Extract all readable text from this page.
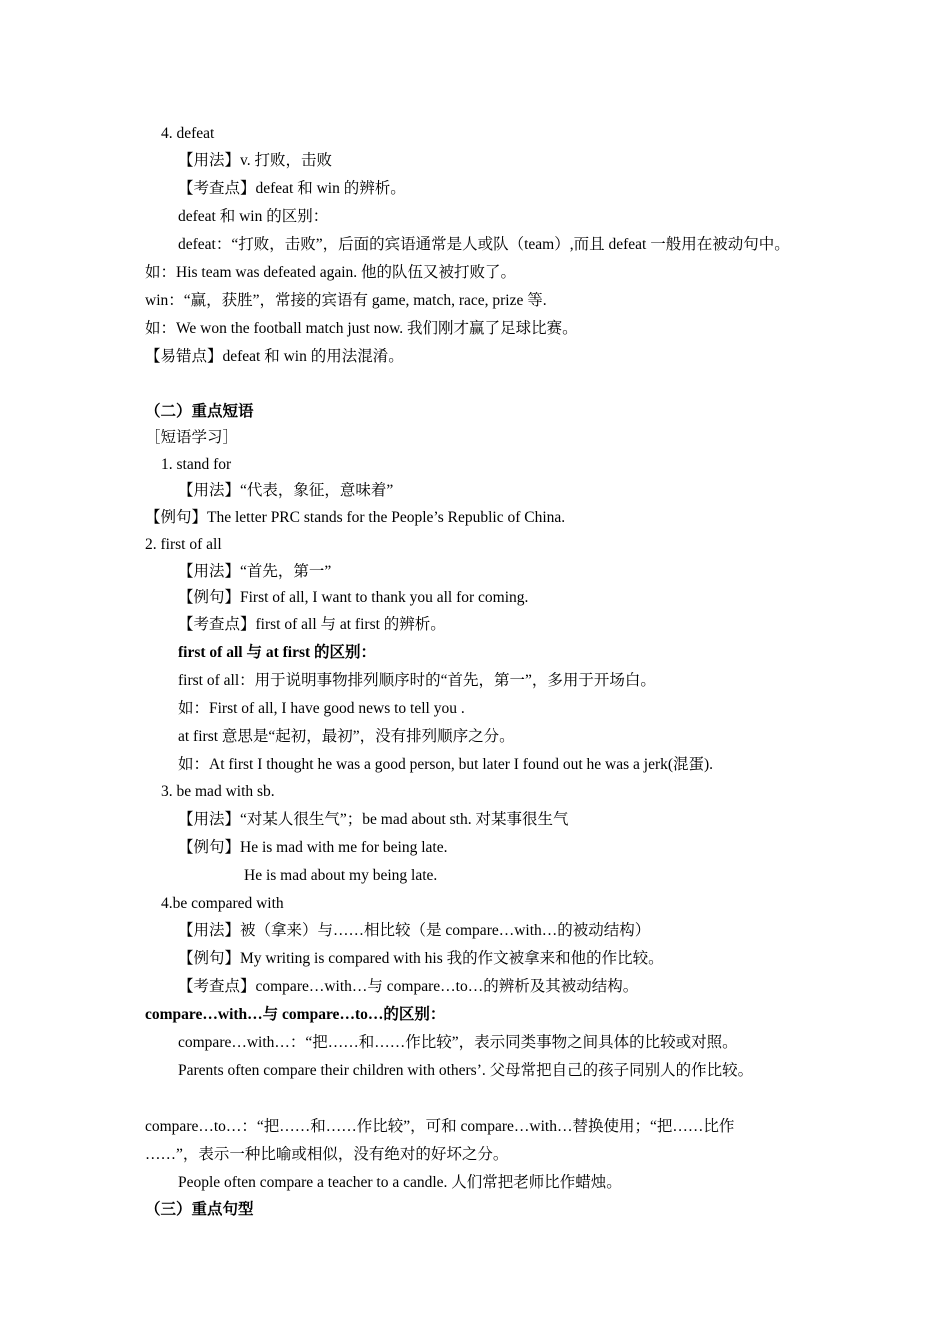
4. defeat
【用法】v. 打败，击败
【考查点】defeat 和 win 的辨析。
defeat 和 win 的区别：
defeat：“打败，击败”，后面的宾语通常是人或队（team）,而且 defeat 一般用在被动句中。
如：His team was defeated again. 他的队伍又被打败了。
win：“赢，获胜”，常接的宾语有 game, match, race, prize 等.
如：We won the football match just now. 我们刚才赢了足球比赛。
【易错点】defeat 和 win 的用法混淆。
（二）重点短语
［短语学习］
1. stand for
【用法】“代表，象征，意味着”
【例句】The letter PRC stands for the People’s Republic of China.
2. first of all
【用法】“首先，第一”
【例句】First of all, I want to thank you all for coming.
【考查点】first of all 与 at first 的辨析。
first of all 与 at first 的区别：
first of all：用于说明事物排列顺序时的“首先，第一”，多用于开场白。
如：First of all, I have good news to tell you .
at first 意思是“起初，最初”，没有排列顺序之分。
如：At first I thought he was a good person, but later I found out he was a jerk(混蛋).
3. be mad with sb.
【用法】“对某人很生气”；be mad about sth. 对某事很生气
【例句】He is mad with me for being late.
He is mad about my being late.
4.be compared with
【用法】被（拿来）与……相比较（是 compare…with…的被动结构）
【例句】My writing is compared with his 我的作文被拿来和他的作比较。
【考查点】compare…with…与 compare…to…的辨析及其被动结构。
compare…with…与 compare…to…的区别：
compare…with…：“把……和……作比较”，表示同类事物之间具体的比较或对照。
Parents often compare their children with others’. 父母常把自己的孩子同别人的作比较。
compare…to…：“把……和……作比较”，可和 compare…with…替换使用；“把……比作
……”，表示一种比喻或相似，没有绝对的好坏之分。
People often compare a teacher to a candle. 人们常把老师比作蜡烛。
（三）重点句型
